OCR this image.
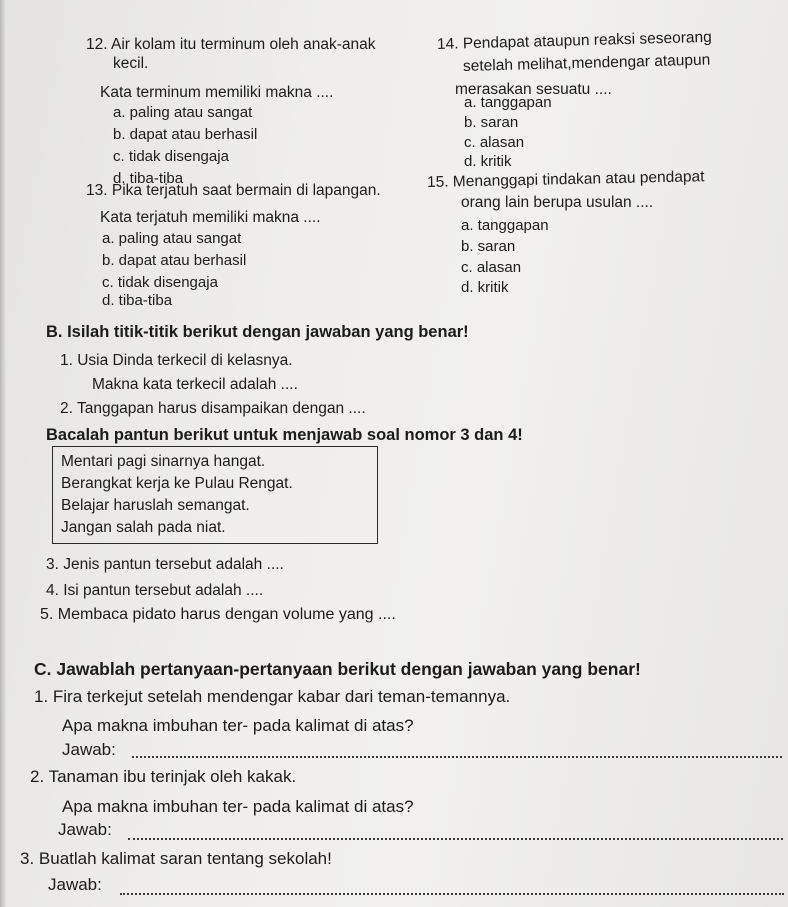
12. Air kolam itu terminum oleh anak-anak
kecil.
Kata terminum memiliki makna ....
a. paling atau sangat
b. dapat atau berhasil
c. tidak disengaja
d. tiba-tiba
14. Pendapat ataupun reaksi seseorang
setelah melihat,mendengar ataupun
merasakan sesuatu ....
a. tanggapan
b. saran
c. alasan
d. kritik
13. Pika terjatuh saat bermain di lapangan.
Kata terjatuh memiliki makna ....
a. paling atau sangat
b. dapat atau berhasil
c. tidak disengaja
d. tiba-tiba
15. Menanggapi tindakan atau pendapat
orang lain berupa usulan ....
a. tanggapan
b. saran
c. alasan
d. kritik
B. Isilah titik-titik berikut dengan jawaban yang benar!
1. Usia Dinda terkecil di kelasnya.
Makna kata terkecil adalah ....
2. Tanggapan harus disampaikan dengan ....
Bacalah pantun berikut untuk menjawab soal nomor 3 dan 4!
Mentari pagi sinarnya hangat.
Berangkat kerja ke Pulau Rengat.
Belajar haruslah semangat.
Jangan salah pada niat.
3. Jenis pantun tersebut adalah ....
4. Isi pantun tersebut adalah ....
5. Membaca pidato harus dengan volume yang ....
C. Jawablah pertanyaan-pertanyaan berikut dengan jawaban yang benar!
1. Fira terkejut setelah mendengar kabar dari teman-temannya.
Apa makna imbuhan ter- pada kalimat di atas?
Jawab:
2. Tanaman ibu terinjak oleh kakak.
Apa makna imbuhan ter- pada kalimat di atas?
Jawab:
3. Buatlah kalimat saran tentang sekolah!
Jawab:
